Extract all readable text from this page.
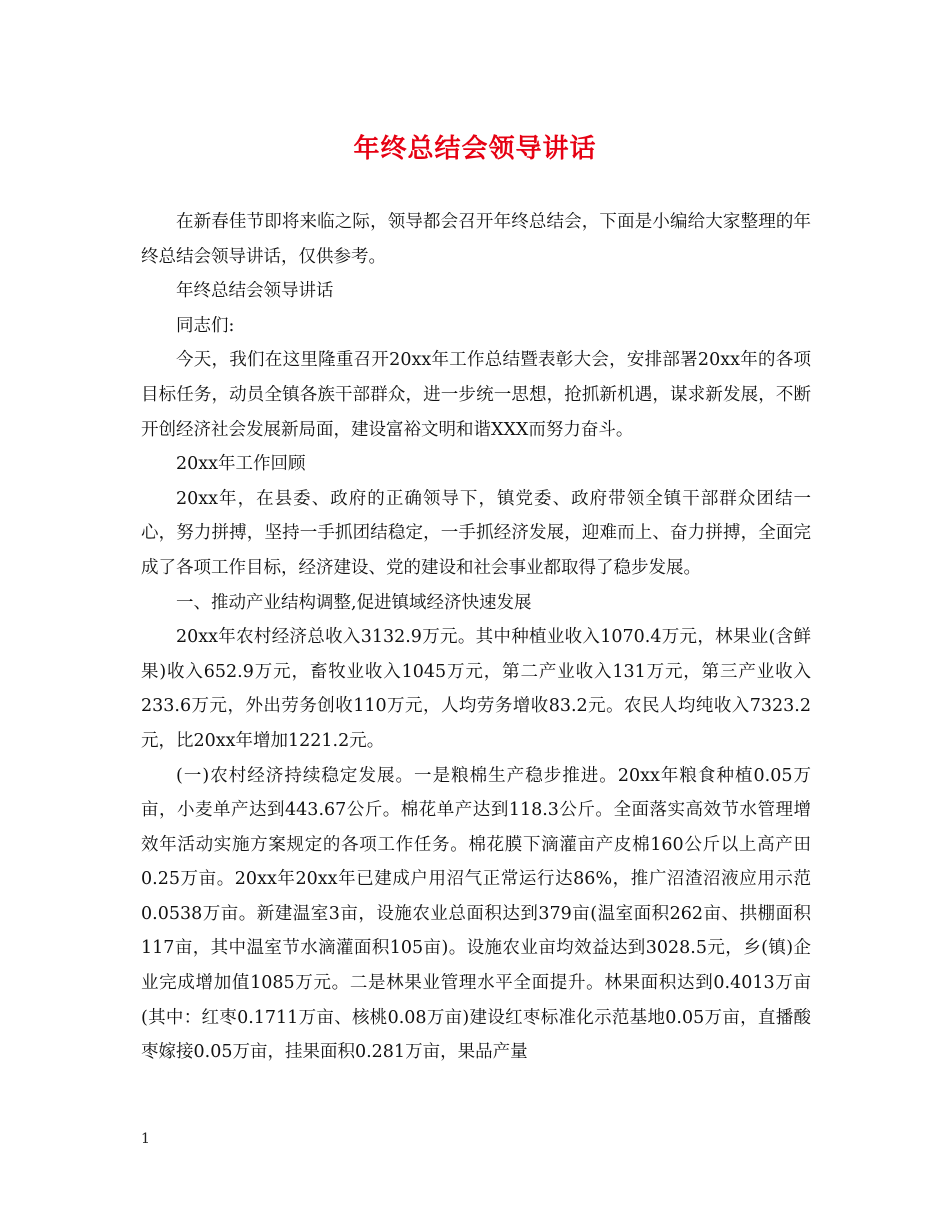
年终总结会领导讲话

在新春佳节即将来临之际，领导都会召开年终总结会，下面是小编给大家整理的年终总结会领导讲话，仅供参考。

年终总结会领导讲话

同志们:

今天，我们在这里隆重召开20xx年工作总结暨表彰大会，安排部署20xx年的各项目标任务，动员全镇各族干部群众，进一步统一思想，抢抓新机遇，谋求新发展，不断开创经济社会发展新局面，建设富裕文明和谐XXX而努力奋斗。

20xx年工作回顾

20xx年，在县委、政府的正确领导下，镇党委、政府带领全镇干部群众团结一心，努力拼搏，坚持一手抓团结稳定，一手抓经济发展，迎难而上、奋力拼搏，全面完成了各项工作目标，经济建设、党的建设和社会事业都取得了稳步发展。

一、推动产业结构调整,促进镇域经济快速发展

20xx年农村经济总收入3132.9万元。其中种植业收入1070.4万元，林果业(含鲜果)收入652.9万元，畜牧业收入1045万元，第二产业收入131万元，第三产业收入233.6万元，外出劳务创收110万元，人均劳务增收83.2元。农民人均纯收入7323.2元，比20xx年增加1221.2元。

(一)农村经济持续稳定发展。一是粮棉生产稳步推进。20xx年粮食种植0.05万亩，小麦单产达到443.67公斤。棉花单产达到118.3公斤。全面落实高效节水管理增效年活动实施方案规定的各项工作任务。棉花膜下滴灌亩产皮棉160公斤以上高产田0.25万亩。20xx年20xx年已建成户用沼气正常运行达86%，推广沼渣沼液应用示范0.0538万亩。新建温室3亩，设施农业总面积达到379亩(温室面积262亩、拱棚面积117亩，其中温室节水滴灌面积105亩)。设施农业亩均效益达到3028.5元，乡(镇)企业完成增加值1085万元。二是林果业管理水平全面提升。林果面积达到0.4013万亩(其中：红枣0.1711万亩、核桃0.08万亩)建设红枣标准化示范基地0.05万亩，直播酸枣嫁接0.05万亩，挂果面积0.281万亩，果品产量

1
